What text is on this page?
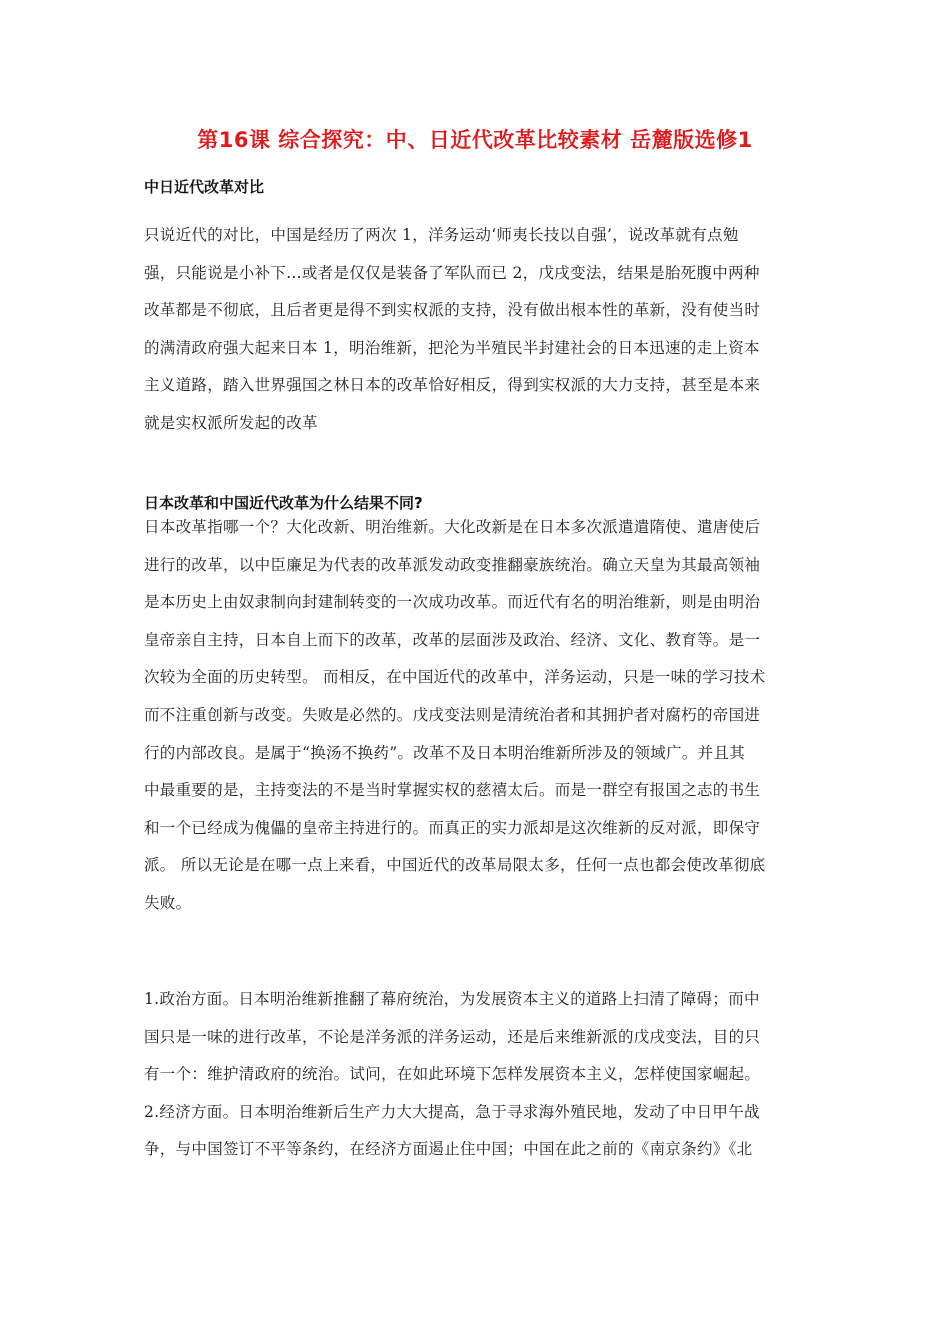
第16课 综合探究：中、日近代改革比较素材 岳麓版选修1
中日近代改革对比
只说近代的对比，中国是经历了两次 1，洋务运动‘师夷长技以自强’，说改革就有点勉
强，只能说是小补下...或者是仅仅是装备了军队而已 2，戊戌变法，结果是胎死腹中两种
改革都是不彻底，且后者更是得不到实权派的支持，没有做出根本性的革新，没有使当时
的满清政府强大起来日本 1，明治维新，把沦为半殖民半封建社会的日本迅速的走上资本
主义道路，踏入世界强国之林日本的改革恰好相反，得到实权派的大力支持，甚至是本来
就是实权派所发起的改革
日本改革和中国近代改革为什么结果不同?
日本改革指哪一个？大化改新、明治维新。大化改新是在日本多次派遣遣隋使、遣唐使后
进行的改革，以中臣廉足为代表的改革派发动政变推翻豪族统治。确立天皇为其最高领袖
是本历史上由奴隶制向封建制转变的一次成功改革。而近代有名的明治维新，则是由明治
皇帝亲自主持，日本自上而下的改革，改革的层面涉及政治、经济、文化、教育等。是一
次较为全面的历史转型。 而相反，在中国近代的改革中，洋务运动，只是一味的学习技术
而不注重创新与改变。失败是必然的。戊戌变法则是清统治者和其拥护者对腐朽的帝国进
行的内部改良。是属于“换汤不换药”。改革不及日本明治维新所涉及的领域广。并且其
中最重要的是，主持变法的不是当时掌握实权的慈禧太后。而是一群空有报国之志的书生
和一个已经成为傀儡的皇帝主持进行的。而真正的实力派却是这次维新的反对派，即保守
派。 所以无论是在哪一点上来看，中国近代的改革局限太多，任何一点也都会使改革彻底
失败。
1.政治方面。日本明治维新推翻了幕府统治，为发展资本主义的道路上扫清了障碍；而中
国只是一味的进行改革，不论是洋务派的洋务运动，还是后来维新派的戊戌变法，目的只
有一个：维护清政府的统治。试问，在如此环境下怎样发展资本主义，怎样使国家崛起。
2.经济方面。日本明治维新后生产力大大提高，急于寻求海外殖民地，发动了中日甲午战
争，与中国签订不平等条约，在经济方面遏止住中国；中国在此之前的《南京条约》《北
